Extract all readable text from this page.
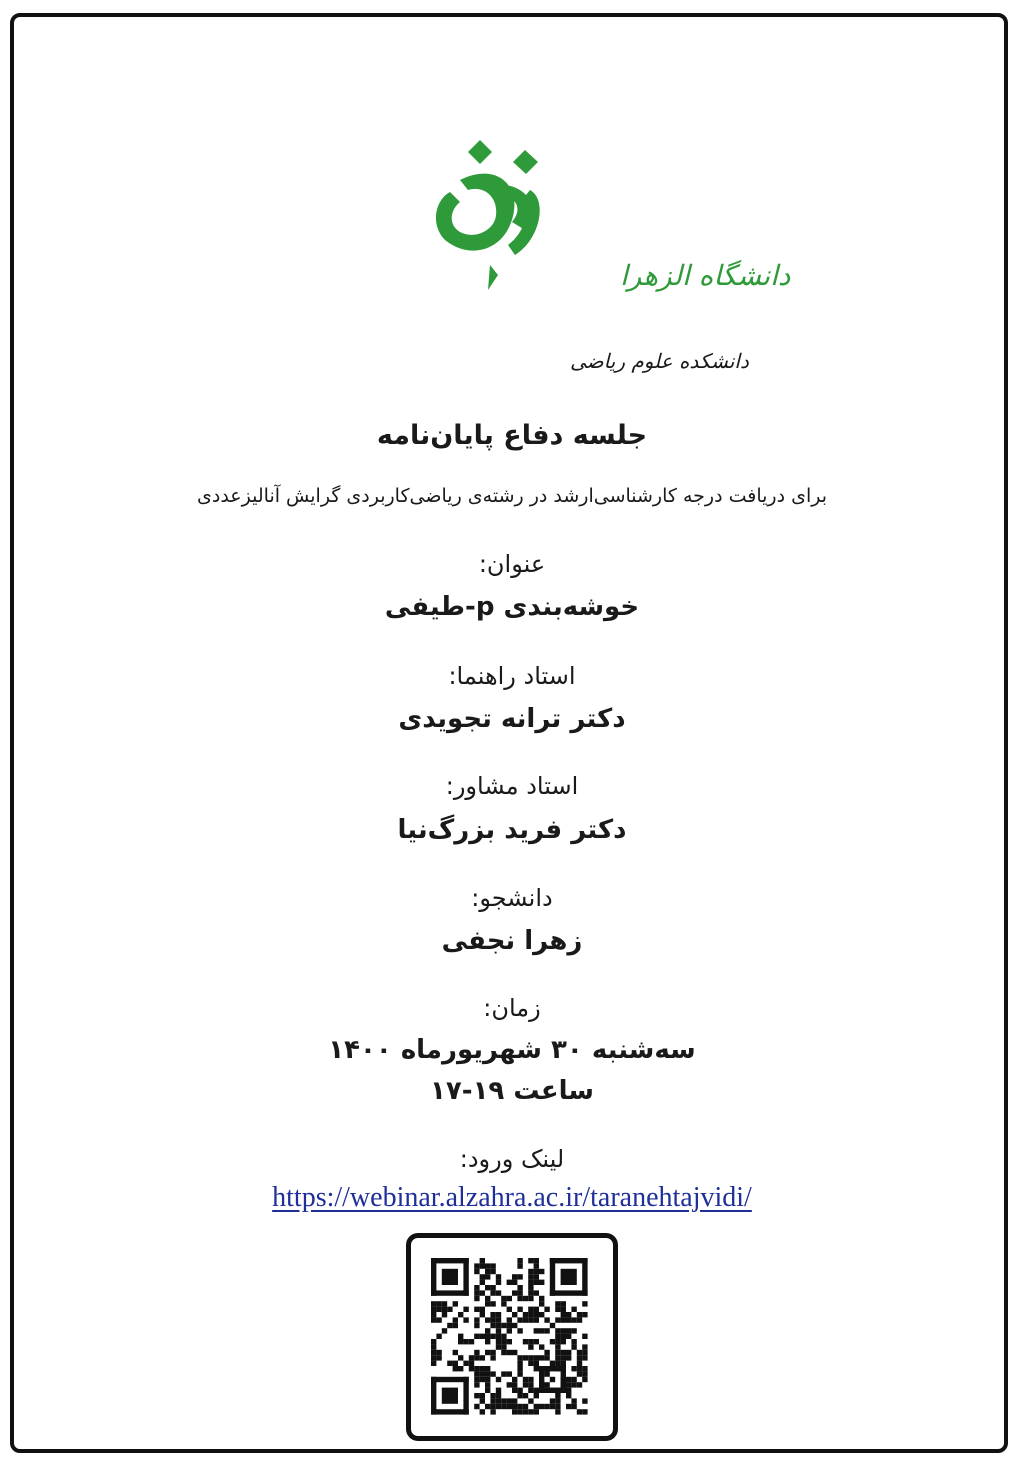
دانشگاه الزهرا
دانشکده علوم ریاضی
جلسه دفاع پایان‌نامه
برای دریافت درجه کارشناسی‌ارشد در رشته‌ی ریاضی‌کاربردی گرایش آنالیزعددی
عنوان:
خوشه‌بندی p-طیفی
استاد راهنما:
دکتر ترانه تجویدی
استاد مشاور:
دکتر فرید بزرگ‌نیا
دانشجو:
زهرا نجفی
زمان:
سه‌شنبه ۳۰ شهریورماه ۱۴۰۰
ساعت ۱۹-۱۷
لینک ورود:
https://webinar.alzahra.ac.ir/taranehtajvidi/
